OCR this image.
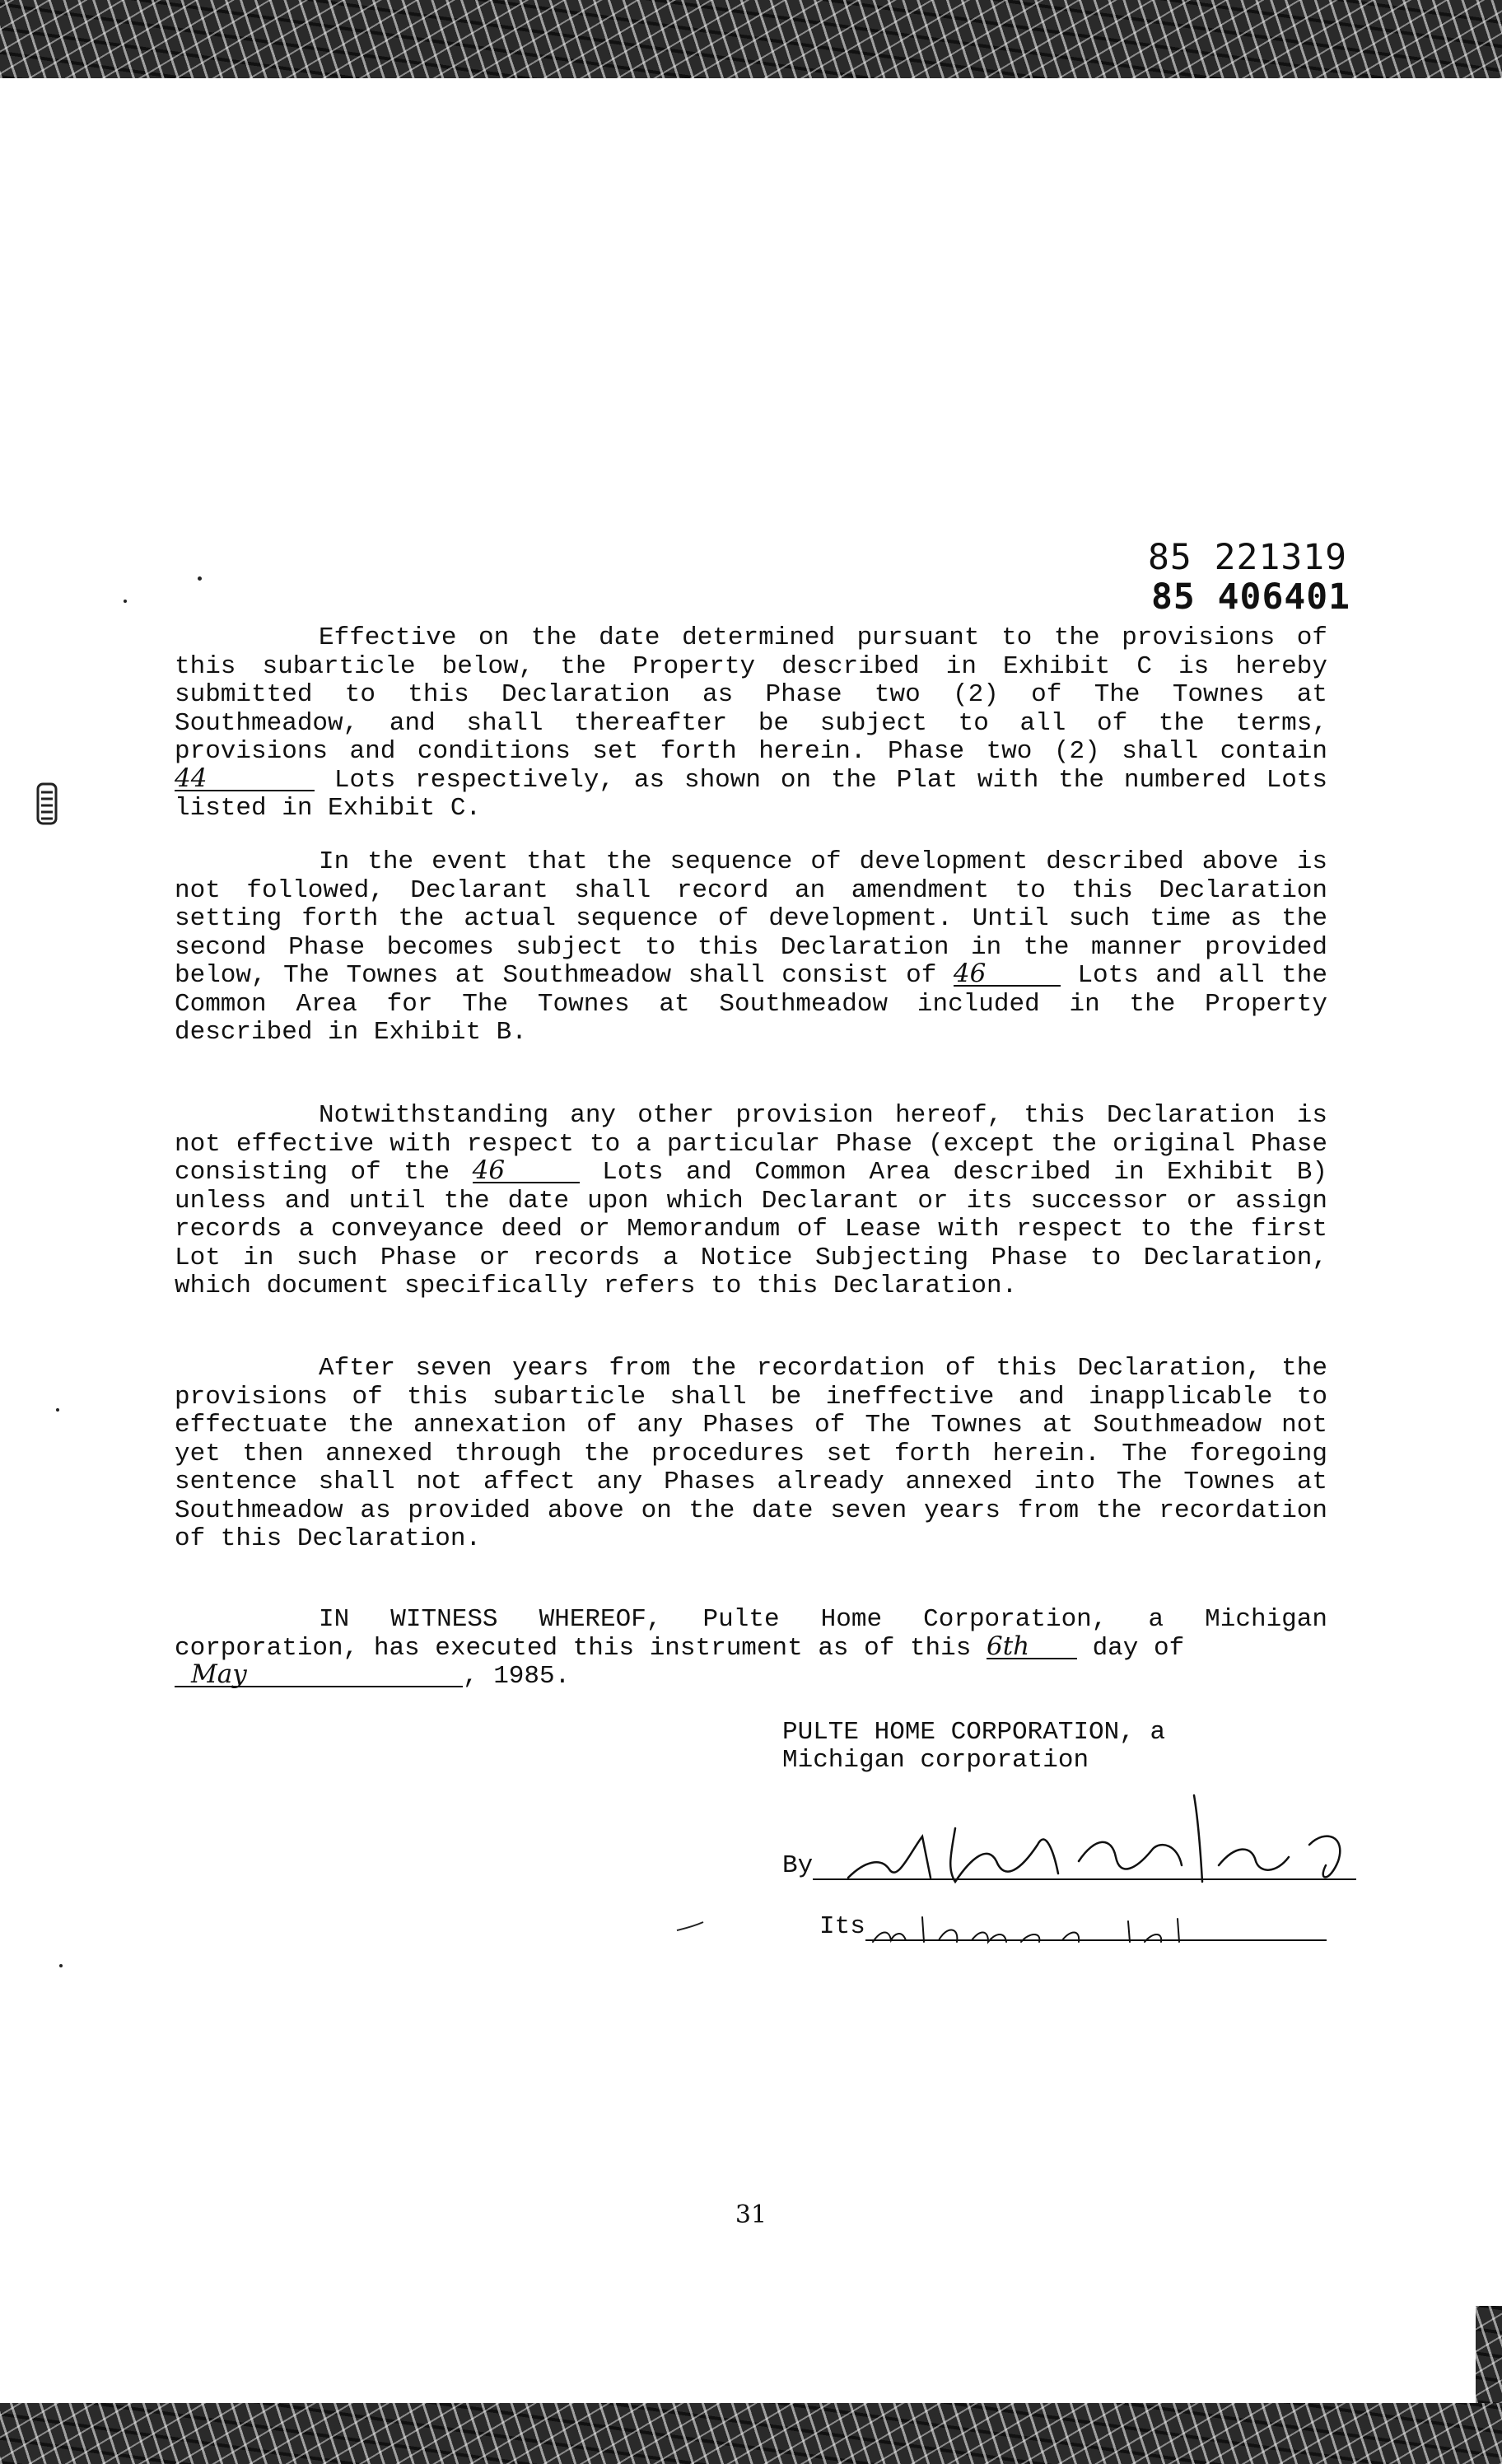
85 221319
85 406401

Effective on the date determined pursuant to the provisions of this subarticle below, the Property described in Exhibit C is hereby submitted to this Declaration as Phase two (2) of The Townes at Southmeadow, and shall thereafter be subject to all of the terms, provisions and conditions set forth herein. Phase two (2) shall contain 44	Lots respectively, as shown on the Plat with the numbered Lots listed in Exhibit C.

In the event that the sequence of development described above is not followed, Declarant shall record an amendment to this Declaration setting forth the actual sequence of development. Until such time as the second Phase becomes subject to this Declaration in the manner provided below, The Townes at Southmeadow shall consist of 46	Lots and all the Common Area for The Townes at Southmeadow included in the Property described in Exhibit B.

Notwithstanding any other provision hereof, this Declaration is not effective with respect to a particular Phase (except the original Phase consisting of the 46	Lots and Common Area described in Exhibit B) unless and until the date upon which Declarant or its successor or assign records a conveyance deed or Memorandum of Lease with respect to the first Lot in such Phase or records a Notice Subjecting Phase to Declaration, which document specifically refers to this Declaration.

After seven years from the recordation of this Declaration, the provisions of this subarticle shall be ineffective and inapplicable to effectuate the annexation of any Phases of The Townes at Southmeadow not yet then annexed through the procedures set forth herein. The foregoing sentence shall not affect any Phases already annexed into The Townes at Southmeadow as provided above on the date seven years from the recordation of this Declaration.

IN WITNESS WHEREOF, Pulte Home Corporation, a Michigan corporation, has executed this instrument as of this 6th day of
May	, 1985.

PULTE HOME CORPORATION, a
Michigan corporation
By
Its
31
